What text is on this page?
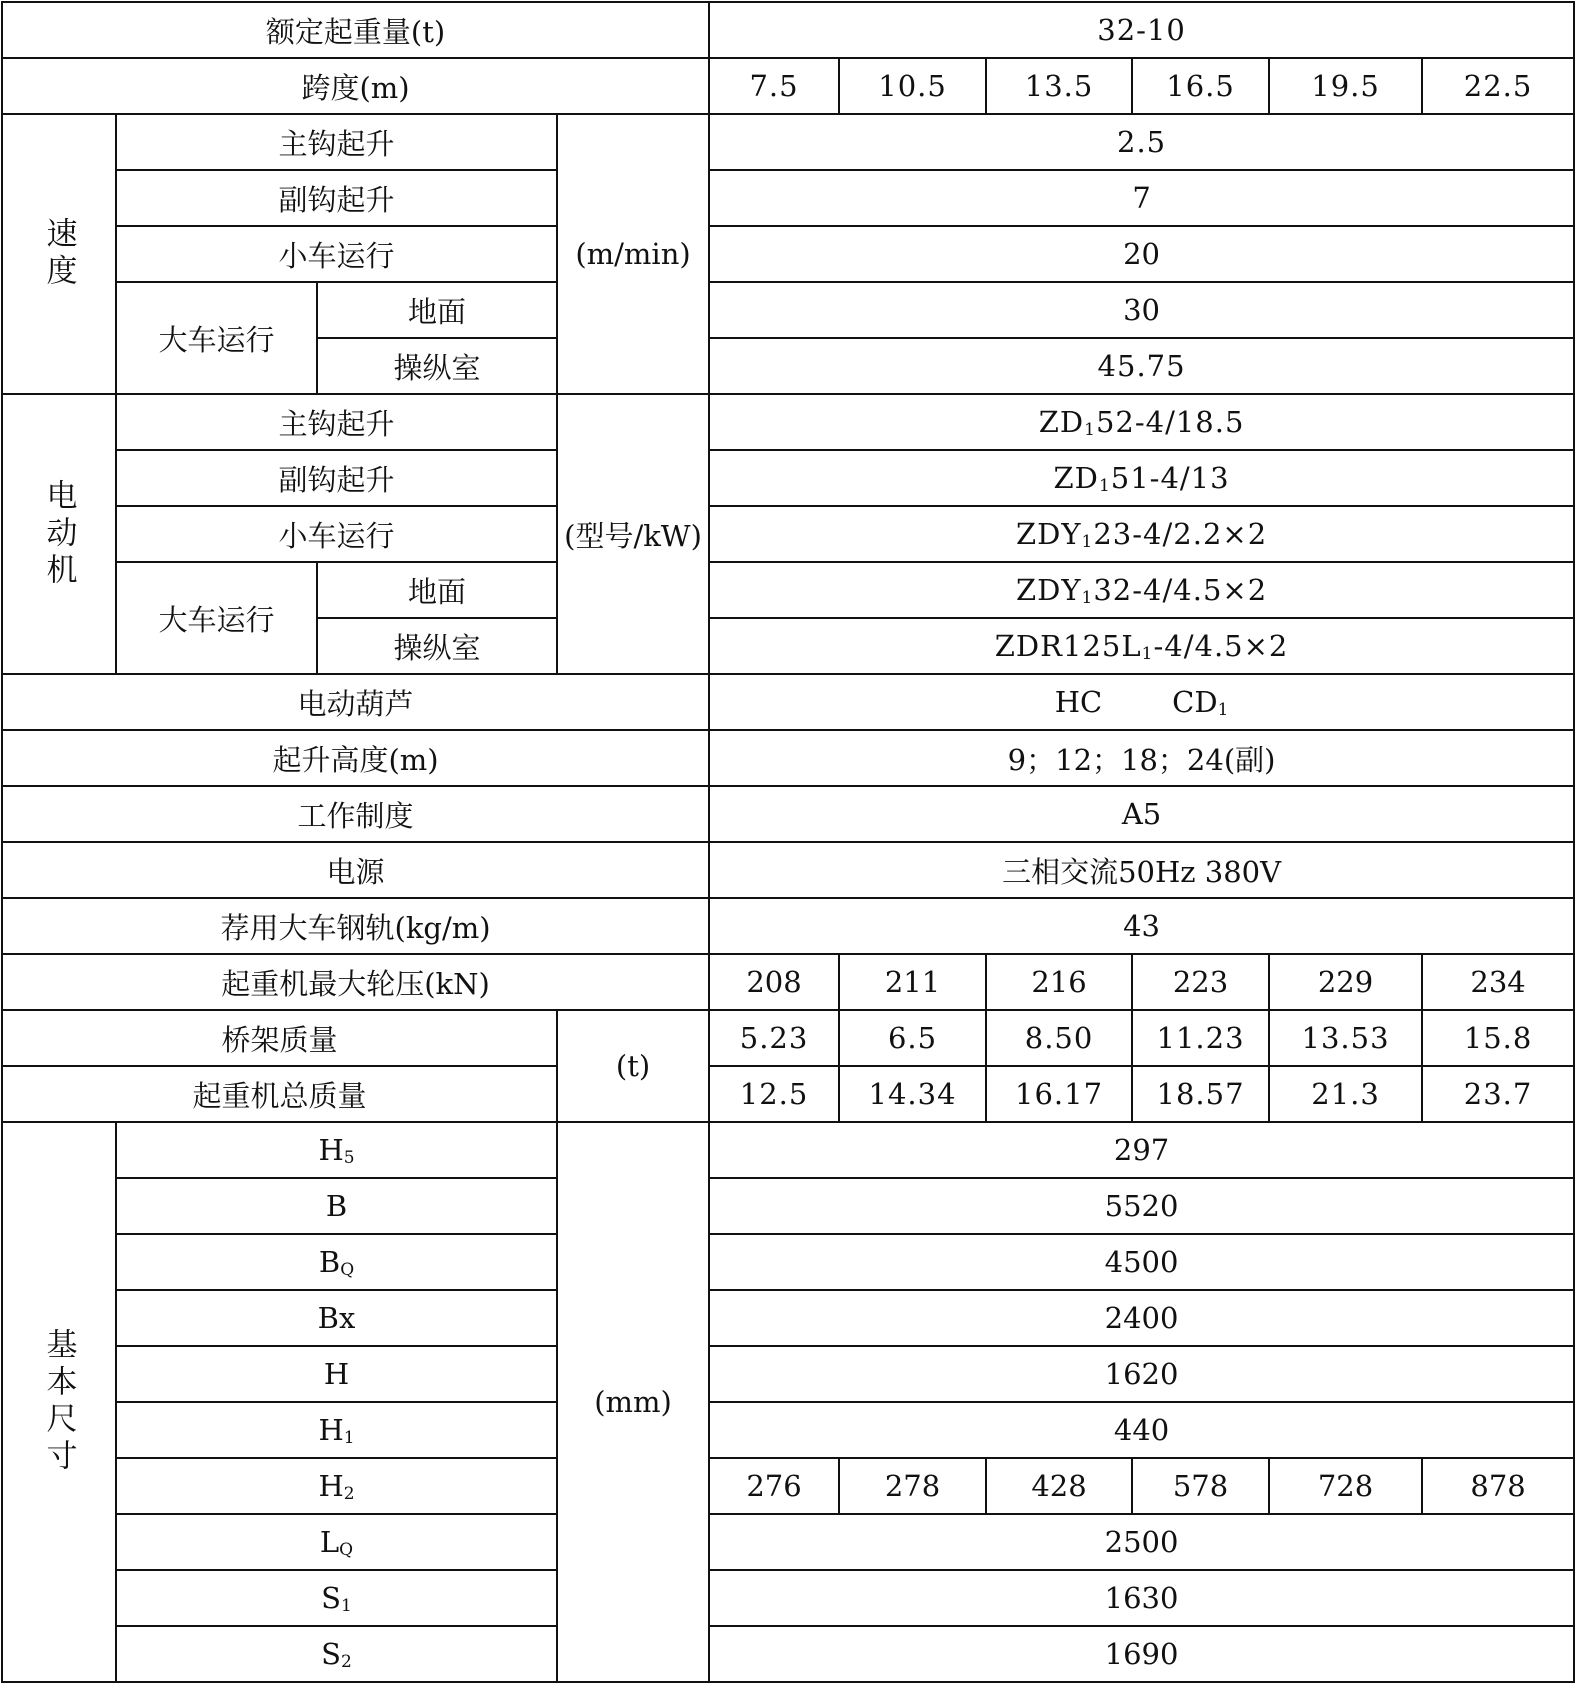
额定起重量(t)				32-10					
跨度(m)				7.5	10.5	13.5	16.5	19.5	22.5
速度	主钩起升		(m/min)	2.5					
	副钩起升			7					
	小车运行			20					
	大车运行	地面		30					
		操纵室		45.75					
电动机	主钩起升		(型号/kW)	$ZD_152-4/18.5$					
	副钩起升			$ZD_151-4/13$					
	小车运行			$ZDY_123-4/2.2\times 2$					
	大车运行	地面		$ZDY_132-4/4.5\times 2$					
		操纵室		$ZDR125L_1-4/4.5\times 2$					
电动葫芦				HC $CD_1$
起升高度(m)				9；12；18；24(副)					
工作制度				A5					
电源				三相交流50Hz 380V					
荐用大车钢轨(kg/m)				43					
起重机最大轮压(kN)				208	211	216	223	229	234
桥架质量			(t)	5.23	6.5	8.50	11.23	13.53	15.8
起重机总质量				12.5	14.34	16.17	18.57	21.3	23.7
基本尺寸	$H_5$		(mm)	297					
	B			5520					
	$B_Q$			4500					
	Bx			2400					
	H			1620					
	$H_1$			440					
	$H_2$			276	278	428	578	728	878
	$L_Q$			2500					
	$S_1$			1630					
	$S_2$			1690					
